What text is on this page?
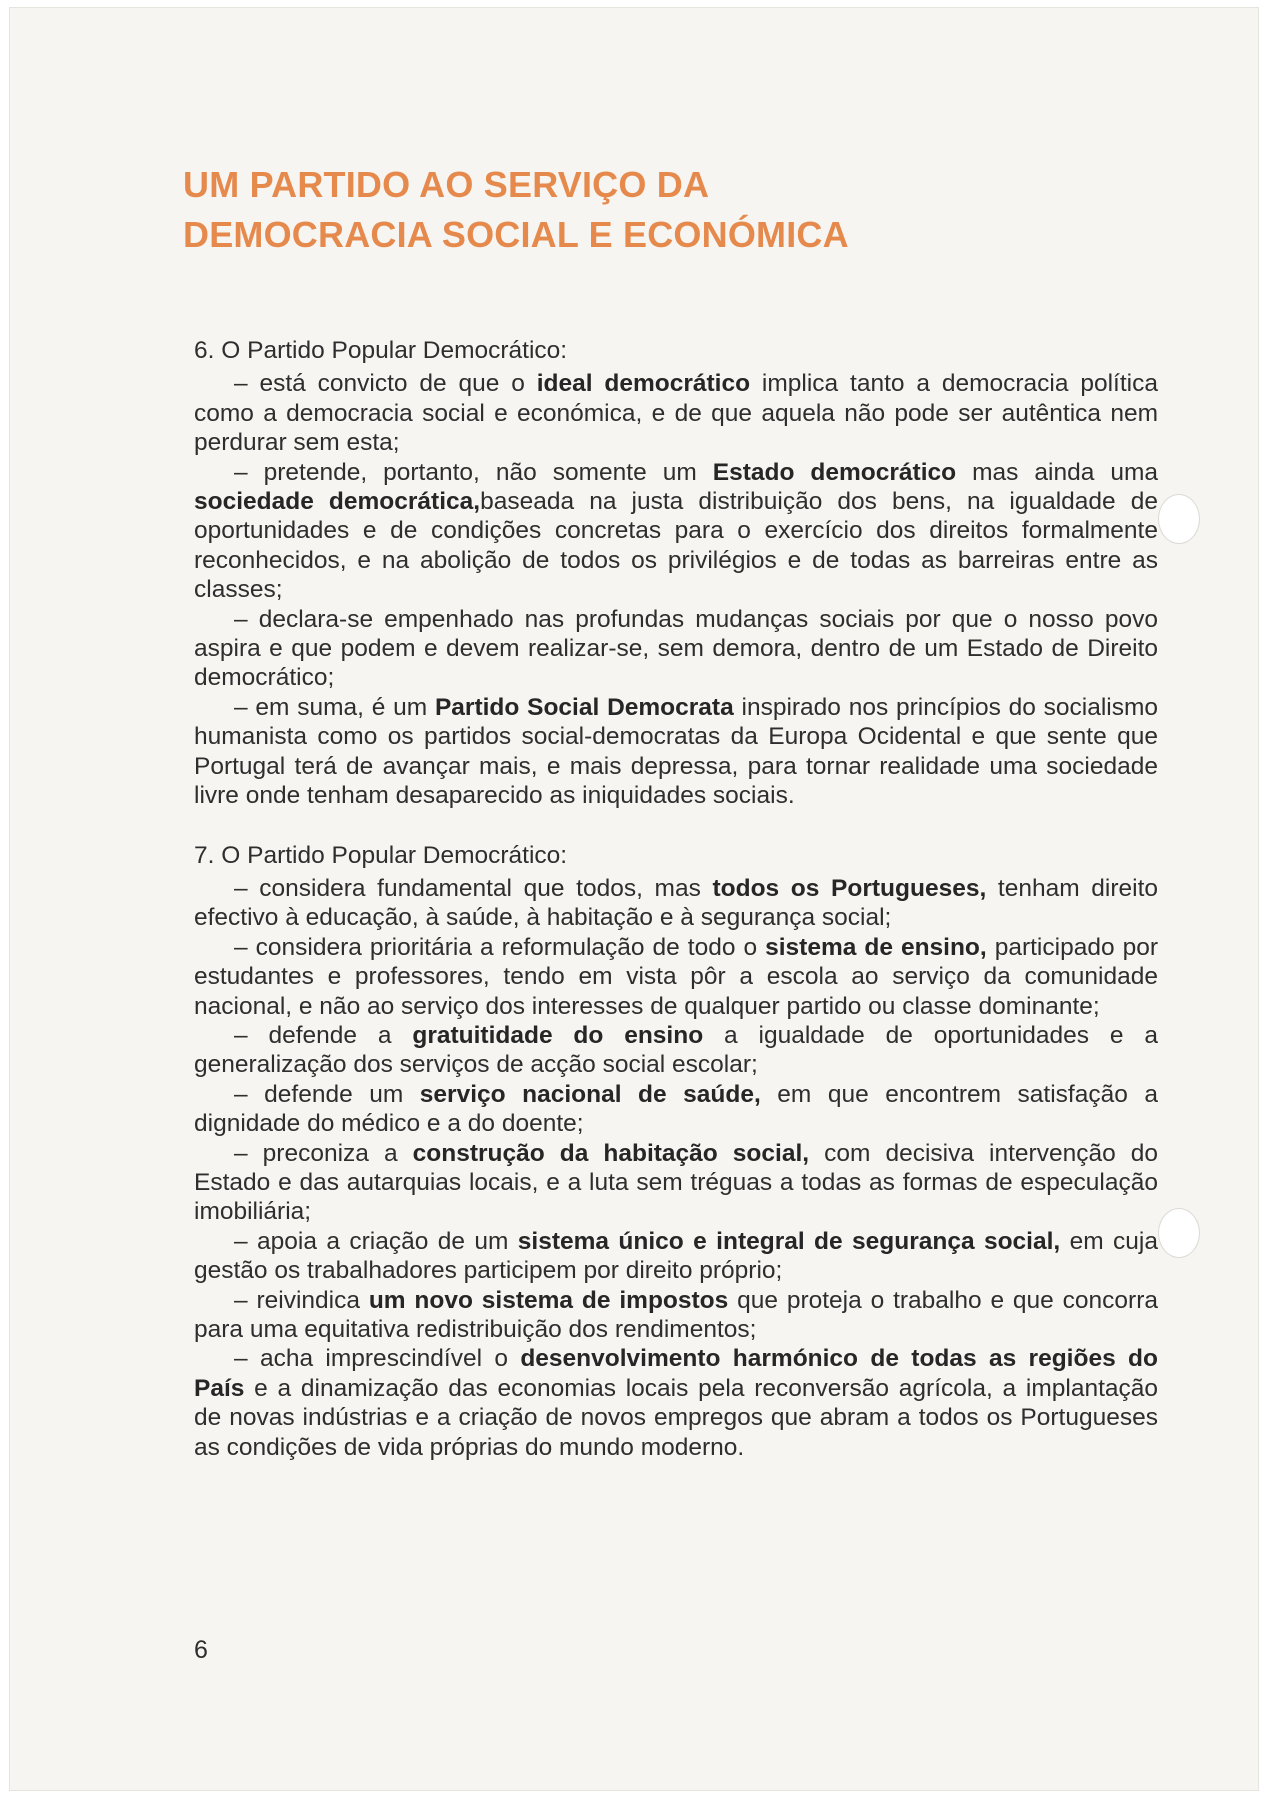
UM PARTIDO AO SERVIÇO DA
DEMOCRACIA SOCIAL E ECONÓMICA

6. O Partido Popular Democrático:

– está convicto de que o ideal democrático implica tanto a democracia política como a democracia social e económica, e de que aquela não pode ser autêntica nem perdurar sem esta;

– pretende, portanto, não somente um Estado democrático mas ainda uma sociedade democrática,baseada na justa distribuição dos bens, na igualdade de oportunidades e de condições concretas para o exercício dos direitos formalmente reconhecidos, e na abolição de todos os privilégios e de todas as barreiras entre as classes;

– declara-se empenhado nas profundas mudanças sociais por que o nosso povo aspira e que podem e devem realizar-se, sem demora, dentro de um Estado de Direito democrático;

– em suma, é um Partido Social Democrata inspirado nos princípios do socialismo humanista como os partidos social-democratas da Europa Ocidental e que sente que Portugal terá de avançar mais, e mais depressa, para tornar realidade uma sociedade livre onde tenham desaparecido as iniquidades sociais.

7. O Partido Popular Democrático:

– considera fundamental que todos, mas todos os Portugueses, tenham direito efectivo à educação, à saúde, à habitação e à segurança social;

– considera prioritária a reformulação de todo o sistema de ensino, participado por estudantes e professores, tendo em vista pôr a escola ao serviço da comunidade nacional, e não ao serviço dos interesses de qualquer partido ou classe dominante;

– defende a gratuitidade do ensino a igualdade de oportunidades e a generalização dos serviços de acção social escolar;

– defende um serviço nacional de saúde, em que encontrem satisfação a dignidade do médico e a do doente;

– preconiza a construção da habitação social, com decisiva intervenção do Estado e das autarquias locais, e a luta sem tréguas a todas as formas de especulação imobiliária;

– apoia a criação de um sistema único e integral de segurança social, em cuja gestão os trabalhadores participem por direito próprio;

– reivindica um novo sistema de impostos que proteja o trabalho e que concorra para uma equitativa redistribuição dos rendimentos;

– acha imprescindível o desenvolvimento harmónico de todas as regiões do País e a dinamização das economias locais pela reconversão agrícola, a implantação de novas indústrias e a criação de novos empregos que abram a todos os Portugueses as condições de vida próprias do mundo moderno.

6
